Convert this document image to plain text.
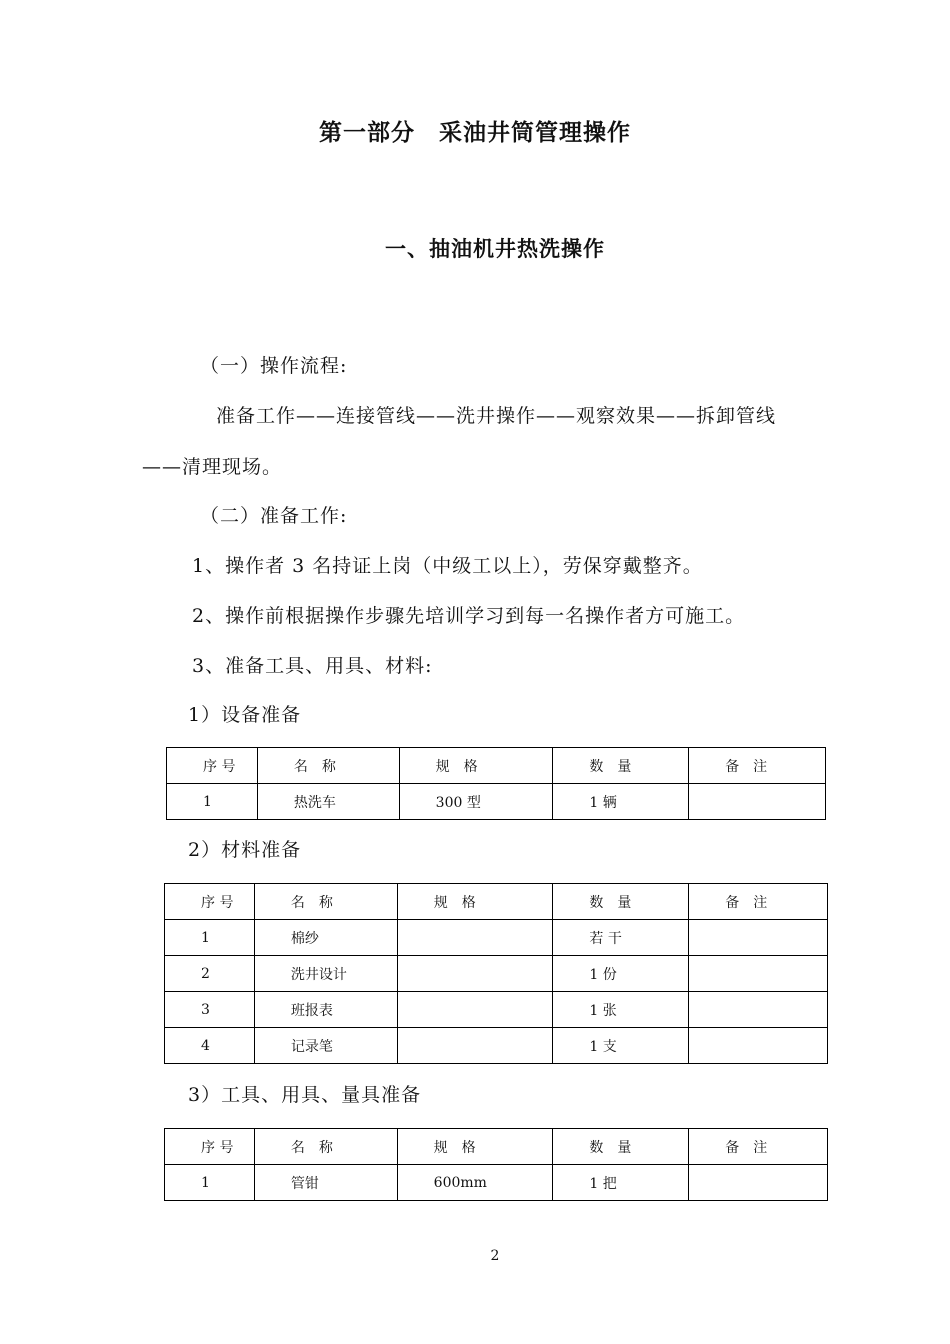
第一部分　采油井筒管理操作
一、抽油机井热洗操作
（一）操作流程:
准备工作——连接管线——洗井操作——观察效果——拆卸管线
——清理现场。
（二）准备工作:
1、操作者 3 名持证上岗（中级工以上），劳保穿戴整齐。
2、操作前根据操作步骤先培训学习到每一名操作者方可施工。
3、准备工具、用具、材料:
1）设备准备
序 号	名　称	规　格	数　量	备　注
1	热洗车	300 型	1 辆	
2）材料准备
序 号	名　称	规　格	数　量	备　注
1	棉纱		若 干	
2	洗井设计		1 份	
3	班报表		1 张	
4	记录笔		1 支	
3）工具、用具、量具准备
序 号	名　称	规　格	数　量	备　注
1	管钳	600mm	1 把	
2
